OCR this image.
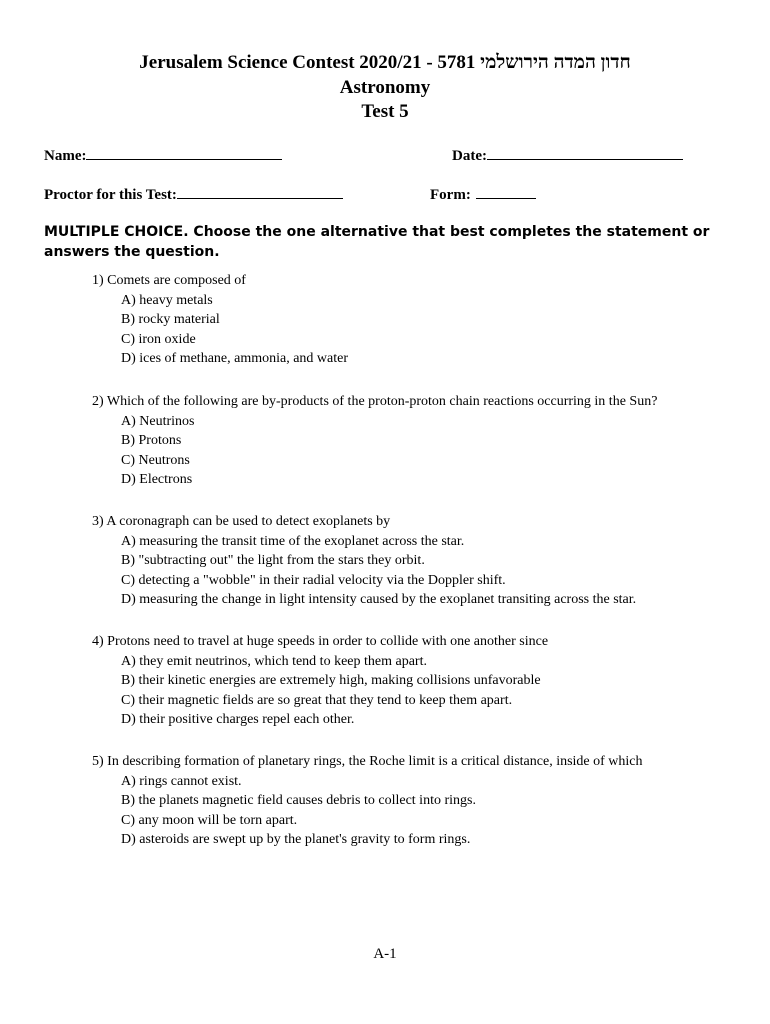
Jerusalem Science Contest 2020/21 - 5781 חדון המדה הירושלמי
Astronomy
Test 5
Name:	Date:
Proctor for this Test:	Form:
MULTIPLE CHOICE. Choose the one alternative that best completes the statement or answers the question.
1) Comets are composed of
A) heavy metals
B) rocky material
C) iron oxide
D) ices of methane, ammonia, and water
2) Which of the following are by-products of the proton-proton chain reactions occurring in the Sun?
A) Neutrinos
B) Protons
C) Neutrons
D) Electrons
3) A coronagraph can be used to detect exoplanets by
A) measuring the transit time of the exoplanet across the star.
B) "subtracting out" the light from the stars they orbit.
C) detecting a "wobble" in their radial velocity via the Doppler shift.
D) measuring the change in light intensity caused by the exoplanet transiting across the star.
4) Protons need to travel at huge speeds in order to collide with one another since
A) they emit neutrinos, which tend to keep them apart.
B) their kinetic energies are extremely high, making collisions unfavorable
C) their magnetic fields are so great that they tend to keep them apart.
D) their positive charges repel each other.
5) In describing formation of planetary rings, the Roche limit is a critical distance, inside of which
A) rings cannot exist.
B) the planets magnetic field causes debris to collect into rings.
C) any moon will be torn apart.
D) asteroids are swept up by the planet's gravity to form rings.
A-1
